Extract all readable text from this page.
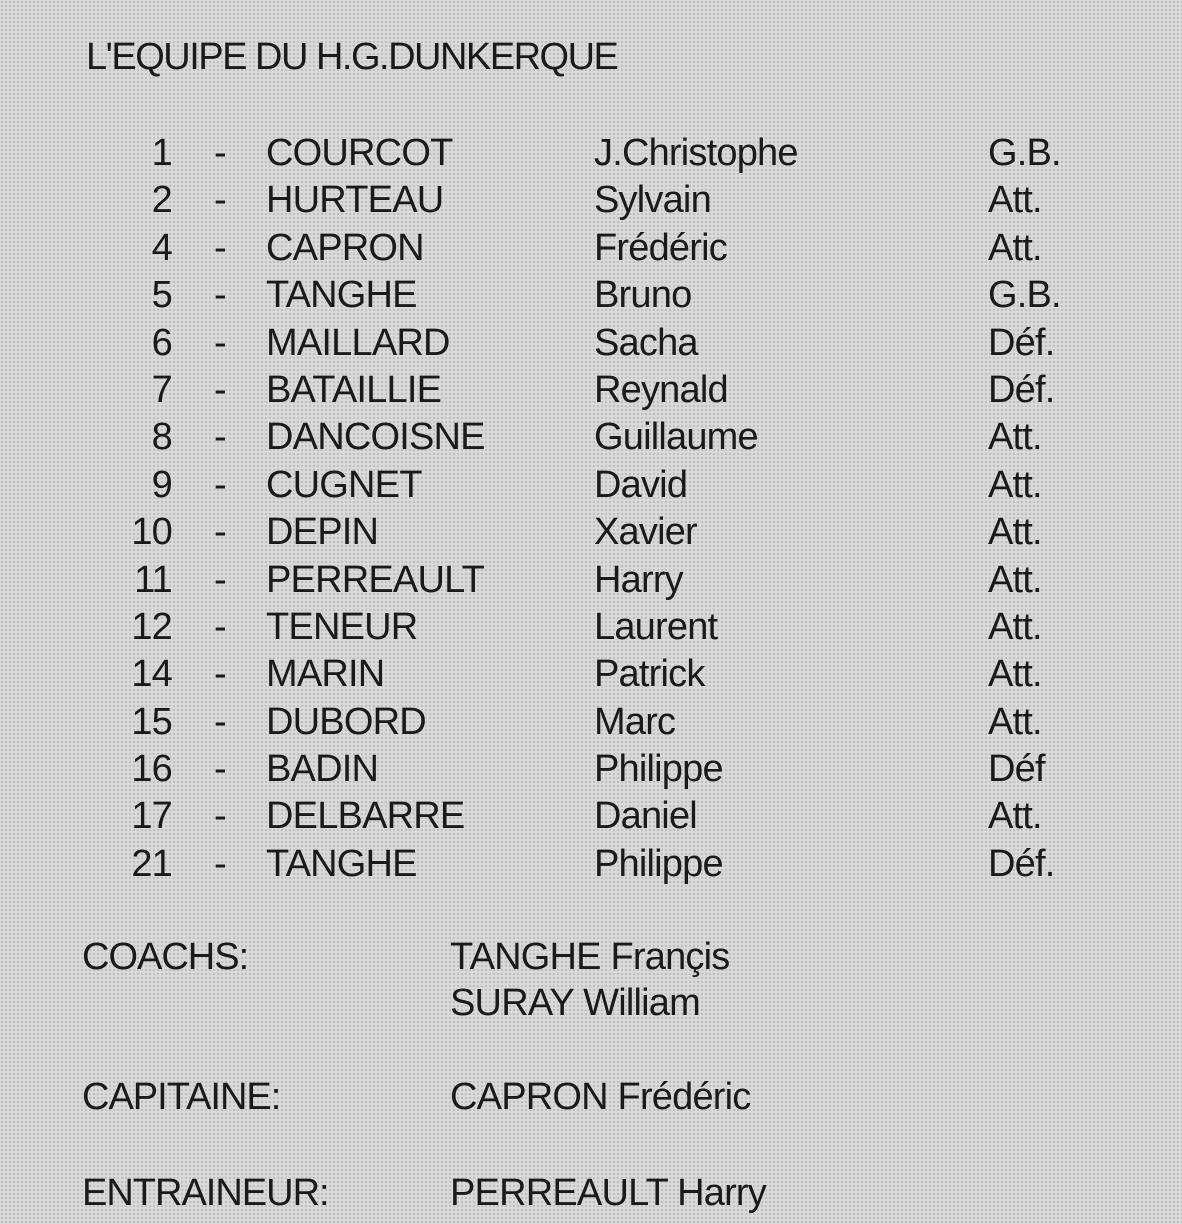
L'EQUIPE DU H.G.DUNKERQUE
1 - COURCOT	J.Christophe	G.B.
2 - HURTEAU	Sylvain	Att.
4 - CAPRON	Frédéric	Att.
5 - TANGHE	Bruno	G.B.
6 - MAILLARD	Sacha	Déf.
7 - BATAILLIE	Reynald	Déf.
8 - DANCOISNE	Guillaume	Att.
9 - CUGNET	David	Att.
10 - DEPIN	Xavier	Att.
11 - PERREAULT	Harry	Att.
12 - TENEUR	Laurent	Att.
14 - MARIN	Patrick	Att.
15 - DUBORD	Marc	Att.
16 - BADIN	Philippe	Déf
17 - DELBARRE	Daniel	Att.
21 - TANGHE	Philippe	Déf.
COACHS:	TANGHE Françis
SURAY William
CAPITAINE:	CAPRON Frédéric
ENTRAINEUR:	PERREAULT Harry
